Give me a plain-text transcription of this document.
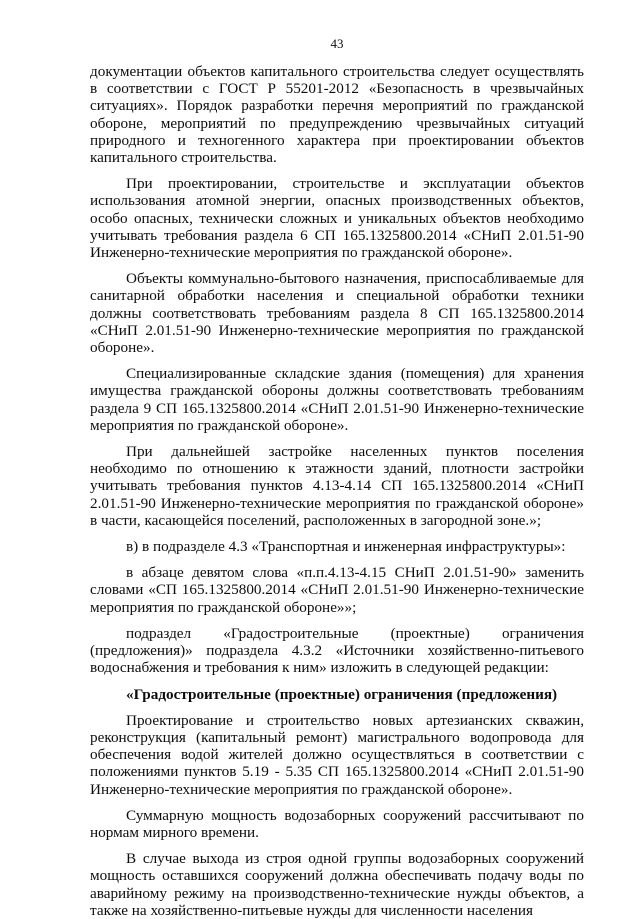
43

документации объектов капитального строительства следует осуществлять в соответствии с ГОСТ Р 55201-2012 «Безопасность в чрезвычайных ситуациях». Порядок разработки перечня мероприятий по гражданской обороне, мероприятий по предупреждению чрезвычайных ситуаций природного и техногенного характера при проектировании объектов капитального строительства.

При проектировании, строительстве и эксплуатации объектов использования атомной энергии, опасных производственных объектов, особо опасных, технически сложных и уникальных объектов необходимо учитывать требования раздела 6 СП 165.1325800.2014 «СНиП 2.01.51-90 Инженерно-технические мероприятия по гражданской обороне».

Объекты коммунально-бытового назначения, приспосабливаемые для санитарной обработки населения и специальной обработки техники должны соответствовать требованиям раздела 8 СП 165.1325800.2014 «СНиП 2.01.51-90 Инженерно-технические мероприятия по гражданской обороне».

Специализированные складские здания (помещения) для хранения имущества гражданской обороны должны соответствовать требованиям раздела 9 СП 165.1325800.2014 «СНиП 2.01.51-90 Инженерно-технические мероприятия по гражданской обороне».

При дальнейшей застройке населенных пунктов поселения необходимо по отношению к этажности зданий, плотности застройки учитывать требования пунктов 4.13-4.14 СП 165.1325800.2014 «СНиП 2.01.51-90 Инженерно-технические мероприятия по гражданской обороне» в части, касающейся поселений, расположенных в загородной зоне.»;

в) в подразделе 4.3 «Транспортная и инженерная инфраструктуры»:

в абзаце девятом слова «п.п.4.13-4.15 СНиП 2.01.51-90» заменить словами «СП 165.1325800.2014 «СНиП 2.01.51-90 Инженерно-технические мероприятия по гражданской обороне»»;

подраздел «Градостроительные (проектные) ограничения (предложения)» подраздела 4.3.2 «Источники хозяйственно-питьевого водоснабжения и требования к ним» изложить в следующей редакции:

«Градостроительные (проектные) ограничения (предложения)

Проектирование и строительство новых артезианских скважин, реконструкция (капитальный ремонт) магистрального водопровода для обеспечения водой жителей должно осуществляться в соответствии с положениями пунктов 5.19 - 5.35 СП 165.1325800.2014 «СНиП 2.01.51-90 Инженерно-технические мероприятия по гражданской обороне».

Суммарную мощность водозаборных сооружений рассчитывают по нормам мирного времени.

В случае выхода из строя одной группы водозаборных сооружений мощность оставшихся сооружений должна обеспечивать подачу воды по аварийному режиму на производственно-технические нужды объектов, а также на хозяйственно-питьевые нужды для численности населения
